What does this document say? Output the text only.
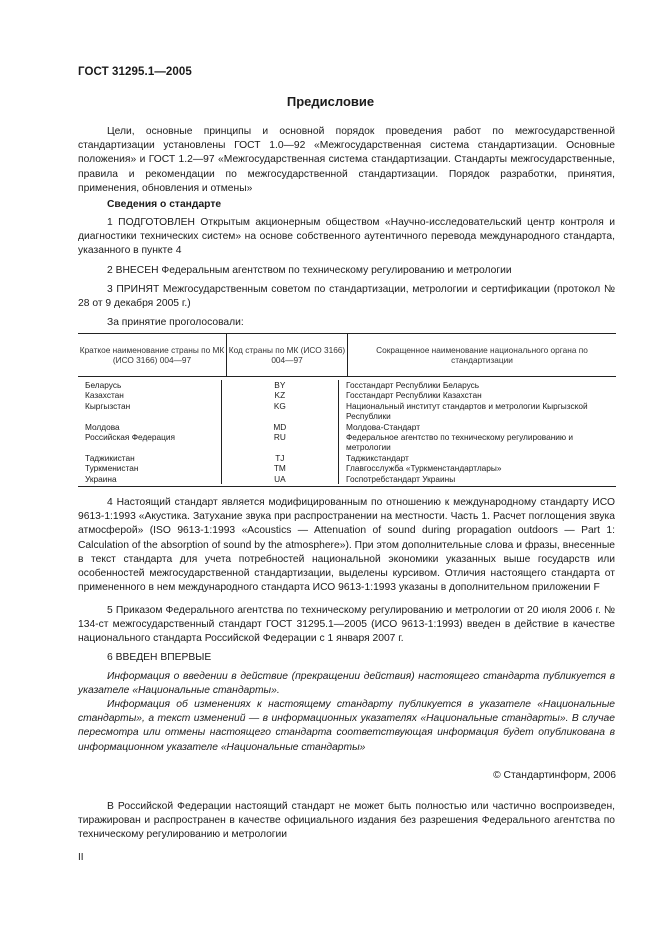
ГОСТ 31295.1—2005
Предисловие
Цели, основные принципы и основной порядок проведения работ по межгосударственной стандартизации установлены ГОСТ 1.0—92 «Межгосударственная система стандартизации. Основные положения» и ГОСТ 1.2—97 «Межгосударственная система стандартизации. Стандарты межгосударственные, правила и рекомендации по межгосударственной стандартизации. Порядок разработки, принятия, применения, обновления и отмены»
Сведения о стандарте
1 ПОДГОТОВЛЕН Открытым акционерным обществом «Научно-исследовательский центр контроля и диагностики технических систем» на основе собственного аутентичного перевода международного стандарта, указанного в пункте 4
2 ВНЕСЕН Федеральным агентством по техническому регулированию и метрологии
3 ПРИНЯТ Межгосударственным советом по стандартизации, метрологии и сертификации (протокол № 28 от 9 декабря 2005 г.)
За принятие проголосовали:
Краткое наименование страны по МК (ИСО 3166) 004—97
Код страны по МК (ИСО 3166) 004—97
Сокращенное наименование национального органа по стандартизации
Беларусь
Казахстан
Кыргызстан
Молдова
Российская Федерация
Таджикистан
Туркменистан
Украина
BY
KZ
KG
MD
RU
TJ
TM
UA
Госстандарт Республики Беларусь
Госстандарт Республики Казахстан
Национальный институт стандартов и метрологии Кыргызской Республики
Молдова-Стандарт
Федеральное агентство по техническому регулированию и метрологии
Таджикстандарт
Главгосслужба «Туркменстандартлары»
Госпотребстандарт Украины
4 Настоящий стандарт является модифицированным по отношению к международному стандарту ИСО 9613-1:1993 «Акустика. Затухание звука при распространении на местности. Часть 1. Расчет поглощения звука атмосферой» (ISO 9613-1:1993 «Acoustics — Attenuation of sound during propagation outdoors — Part 1: Calculation of the absorption of sound by the atmosphere»). При этом дополнительные слова и фразы, внесенные в текст стандарта для учета потребностей национальной экономики указанных выше государств или особенностей межгосударственной стандартизации, выделены курсивом. Отличия настоящего стандарта от примененного в нем международного стандарта ИСО 9613-1:1993 указаны в дополнительном приложении F
5 Приказом Федерального агентства по техническому регулированию и метрологии от 20 июля 2006 г. № 134-ст межгосударственный стандарт ГОСТ 31295.1—2005 (ИСО 9613-1:1993) введен в действие в качестве национального стандарта Российской Федерации с 1 января 2007 г.
6 ВВЕДЕН ВПЕРВЫЕ
Информация о введении в действие (прекращении действия) настоящего стандарта публикуется в указателе «Национальные стандарты».
Информация об изменениях к настоящему стандарту публикуется в указателе «Национальные стандарты», а текст изменений — в информационных указателях «Национальные стандарты». В случае пересмотра или отмены настоящего стандарта соответствующая информация будет опубликована в информационном указателе «Национальные стандарты»
© Стандартинформ, 2006
В Российской Федерации настоящий стандарт не может быть полностью или частично воспроизведен, тиражирован и распространен в качестве официального издания без разрешения Федерального агентства по техническому регулированию и метрологии
II
